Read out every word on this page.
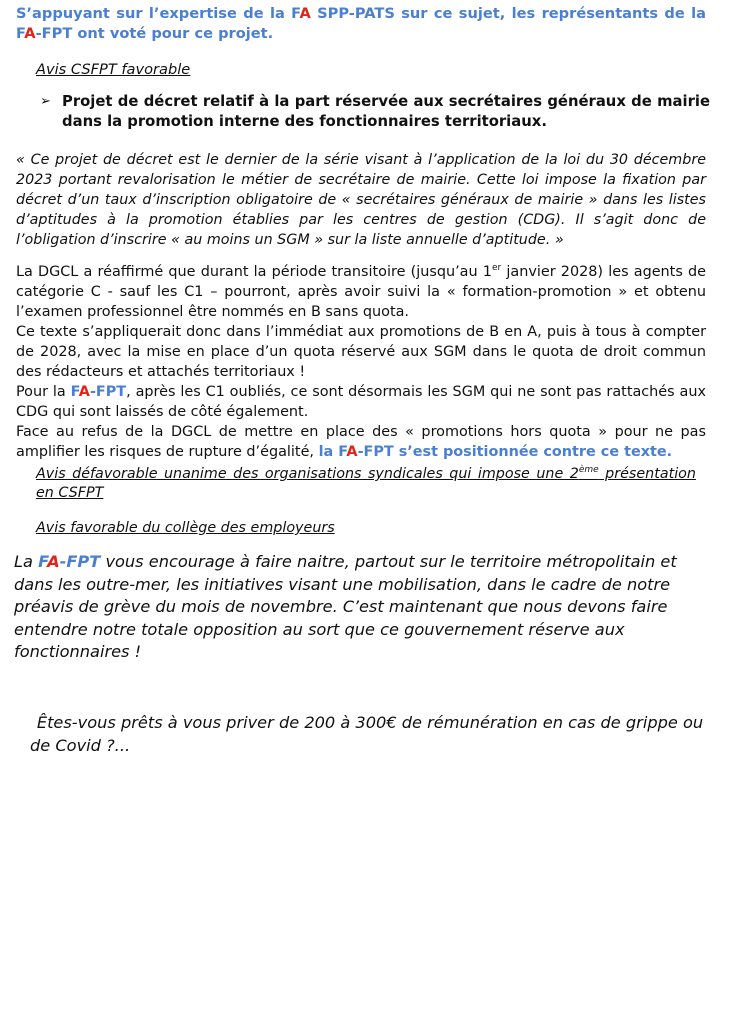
S’appuyant sur l’expertise de la FA SPP-PATS sur ce sujet, les représentants de la FA-FPT ont voté pour ce projet.
Avis CSFPT favorable
➢ Projet de décret relatif à la part réservée aux secrétaires généraux de mairie dans la promotion interne des fonctionnaires territoriaux.
« Ce projet de décret est le dernier de la série visant à l’application de la loi du 30 décembre 2023 portant revalorisation le métier de secrétaire de mairie. Cette loi impose la fixation par décret d’un taux d’inscription obligatoire de « secrétaires généraux de mairie » dans les listes d’aptitudes à la promotion établies par les centres de gestion (CDG). Il s’agit donc de l’obligation d’inscrire « au moins un SGM » sur la liste annuelle d’aptitude. »
La DGCL a réaffirmé que durant la période transitoire (jusqu’au 1er janvier 2028) les agents de catégorie C - sauf les C1 – pourront, après avoir suivi la « formation-promotion » et obtenu l’examen professionnel être nommés en B sans quota.
Ce texte s’appliquerait donc dans l’immédiat aux promotions de B en A, puis à tous à compter de 2028, avec la mise en place d’un quota réservé aux SGM dans le quota de droit commun des rédacteurs et attachés territoriaux !
Pour la FA-FPT, après les C1 oubliés, ce sont désormais les SGM qui ne sont pas rattachés aux CDG qui sont laissés de côté également.
Face au refus de la DGCL de mettre en place des « promotions hors quota » pour ne pas amplifier les risques de rupture d’égalité, la FA-FPT s’est positionnée contre ce texte.
Avis défavorable unanime des organisations syndicales qui impose une 2ème présentation en CSFPT
Avis favorable du collège des employeurs
La FA-FPT vous encourage à faire naitre, partout sur le territoire métropolitain et dans les outre-mer, les initiatives visant une mobilisation, dans le cadre de notre préavis de grève du mois de novembre. C’est maintenant que nous devons faire entendre notre totale opposition au sort que ce gouvernement réserve aux fonctionnaires !
Êtes-vous prêts à vous priver de 200 à 300€ de rémunération en cas de grippe ou de Covid ?...
